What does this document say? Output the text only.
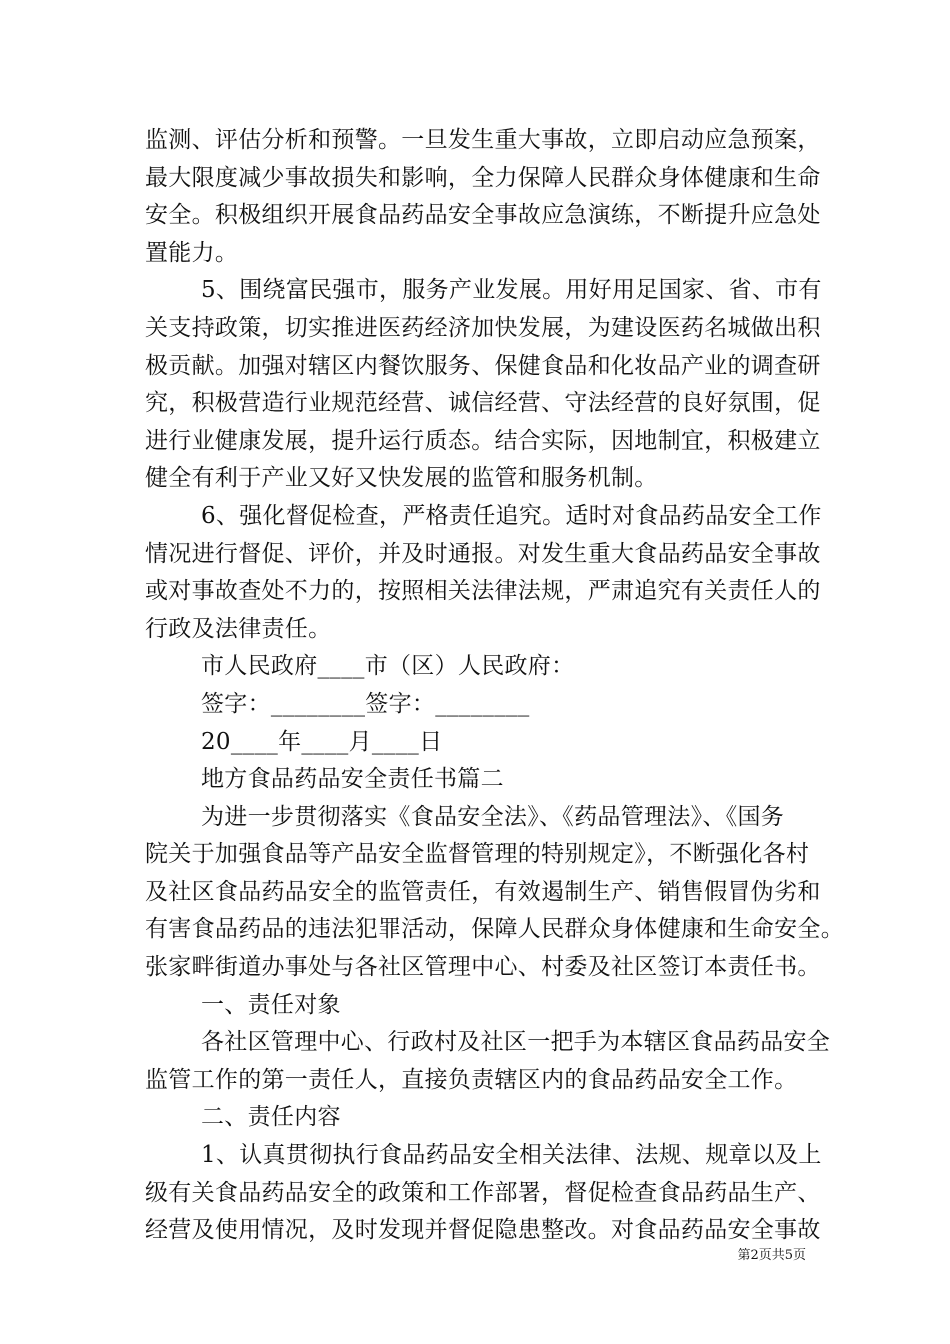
监测、评估分析和预警。一旦发生重大事故，立即启动应急预案，
最大限度减少事故损失和影响，全力保障人民群众身体健康和生命
安全。积极组织开展食品药品安全事故应急演练，不断提升应急处
置能力。
5、围绕富民强市，服务产业发展。用好用足国家、省、市有
关支持政策，切实推进医药经济加快发展，为建设医药名城做出积
极贡献。加强对辖区内餐饮服务、保健食品和化妆品产业的调查研
究，积极营造行业规范经营、诚信经营、守法经营的良好氛围，促
进行业健康发展，提升运行质态。结合实际，因地制宜，积极建立
健全有利于产业又好又快发展的监管和服务机制。
6、强化督促检查，严格责任追究。适时对食品药品安全工作
情况进行督促、评价，并及时通报。对发生重大食品药品安全事故
或对事故查处不力的，按照相关法律法规，严肃追究有关责任人的
行政及法律责任。
市人民政府____市（区）人民政府：
签字：________签字：________
20____年____月____日
地方食品药品安全责任书篇二
为进一步贯彻落实《食品安全法》、《药品管理法》、《国务
院关于加强食品等产品安全监督管理的特别规定》，不断强化各村
及社区食品药品安全的监管责任，有效遏制生产、销售假冒伪劣和
有害食品药品的违法犯罪活动，保障人民群众身体健康和生命安全。
张家畔街道办事处与各社区管理中心、村委及社区签订本责任书。
一、责任对象
各社区管理中心、行政村及社区一把手为本辖区食品药品安全
监管工作的第一责任人，直接负责辖区内的食品药品安全工作。
二、责任内容
1、认真贯彻执行食品药品安全相关法律、法规、规章以及上
级有关食品药品安全的政策和工作部署，督促检查食品药品生产、
经营及使用情况，及时发现并督促隐患整改。对食品药品安全事故
第2页共5页
